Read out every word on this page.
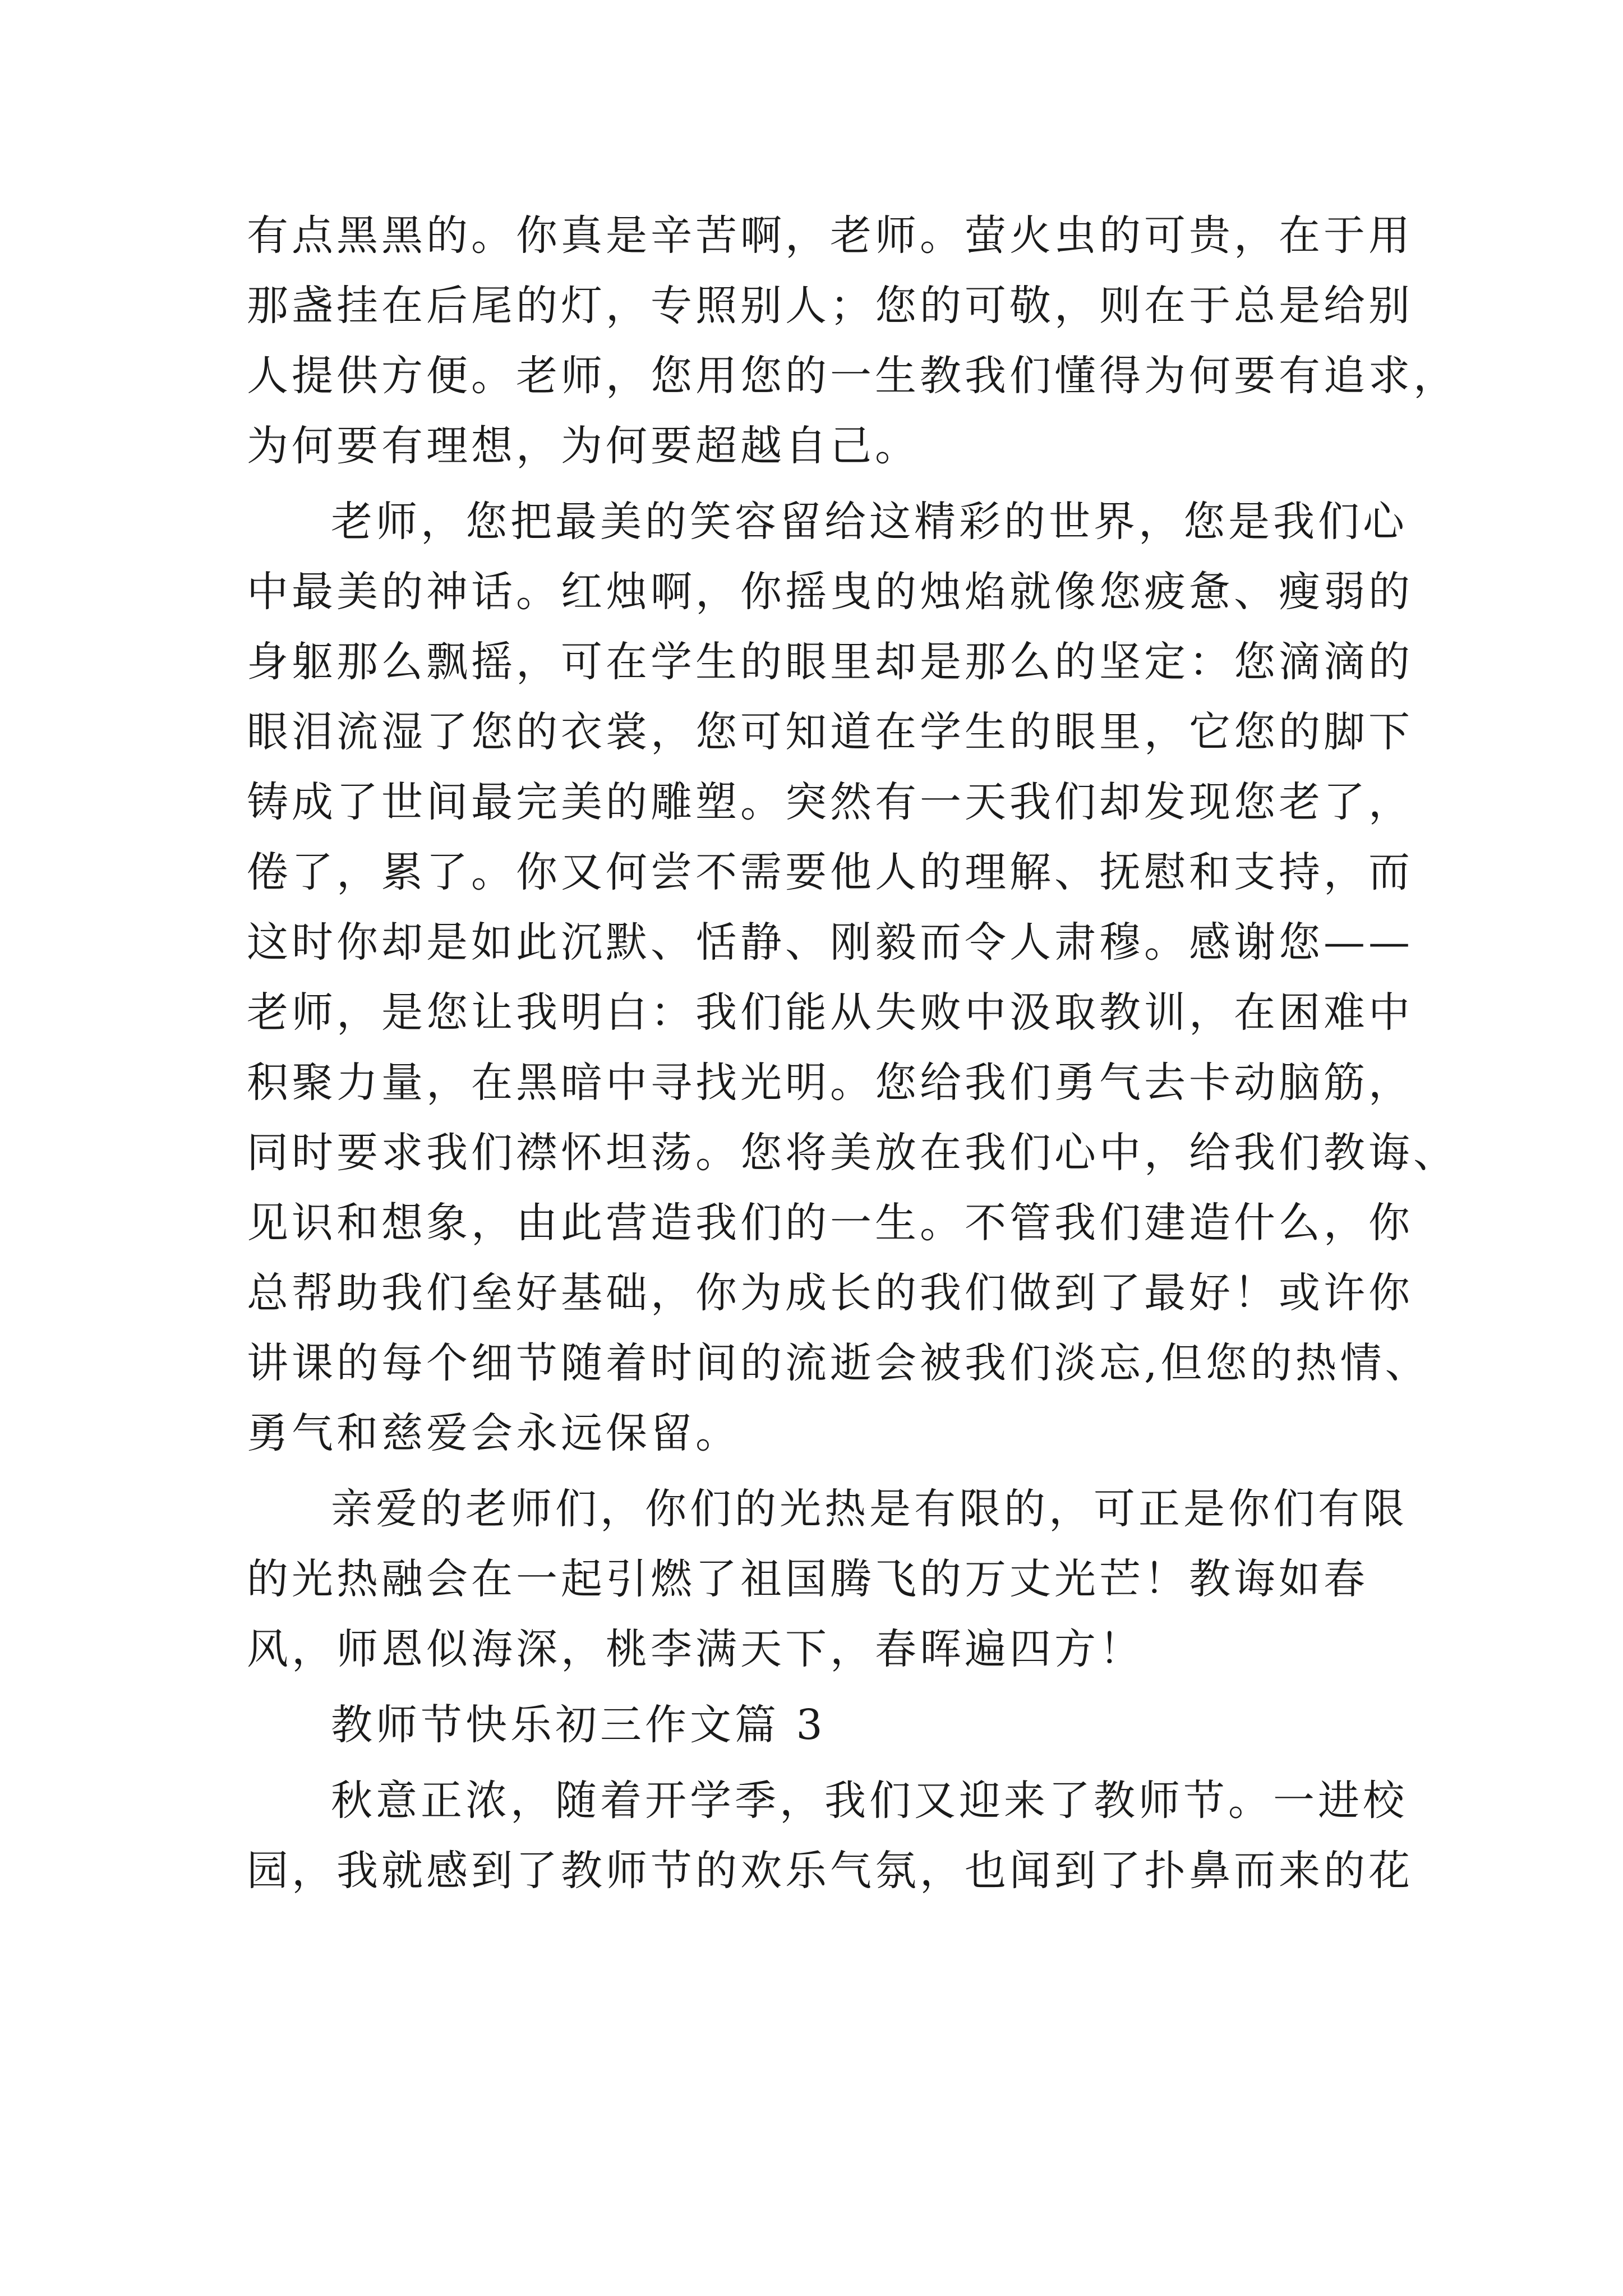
有点黑黑的。你真是辛苦啊，老师。萤火虫的可贵，在于用
那盏挂在后尾的灯，专照别人；您的可敬，则在于总是给别
人提供方便。老师，您用您的一生教我们懂得为何要有追求，
为何要有理想，为何要超越自己。
老师，您把最美的笑容留给这精彩的世界，您是我们心
中最美的神话。红烛啊，你摇曳的烛焰就像您疲惫、瘦弱的
身躯那么飘摇，可在学生的眼里却是那么的坚定：您滴滴的
眼泪流湿了您的衣裳，您可知道在学生的眼里，它您的脚下
铸成了世间最完美的雕塑。突然有一天我们却发现您老了，
倦了，累了。你又何尝不需要他人的理解、抚慰和支持，而
这时你却是如此沉默、恬静、刚毅而令人肃穆。感谢您——
老师，是您让我明白：我们能从失败中汲取教训，在困难中
积聚力量，在黑暗中寻找光明。您给我们勇气去卡动脑筋，
同时要求我们襟怀坦荡。您将美放在我们心中，给我们教诲、
见识和想象，由此营造我们的一生。不管我们建造什么，你
总帮助我们垒好基础，你为成长的我们做到了最好！或许你
讲课的每个细节随着时间的流逝会被我们淡忘,但您的热情、
勇气和慈爱会永远保留。
亲爱的老师们，你们的光热是有限的，可正是你们有限
的光热融会在一起引燃了祖国腾飞的万丈光芒！教诲如春
风，师恩似海深，桃李满天下，春晖遍四方！
教师节快乐初三作文篇 3
秋意正浓，随着开学季，我们又迎来了教师节。一进校
园，我就感到了教师节的欢乐气氛，也闻到了扑鼻而来的花
